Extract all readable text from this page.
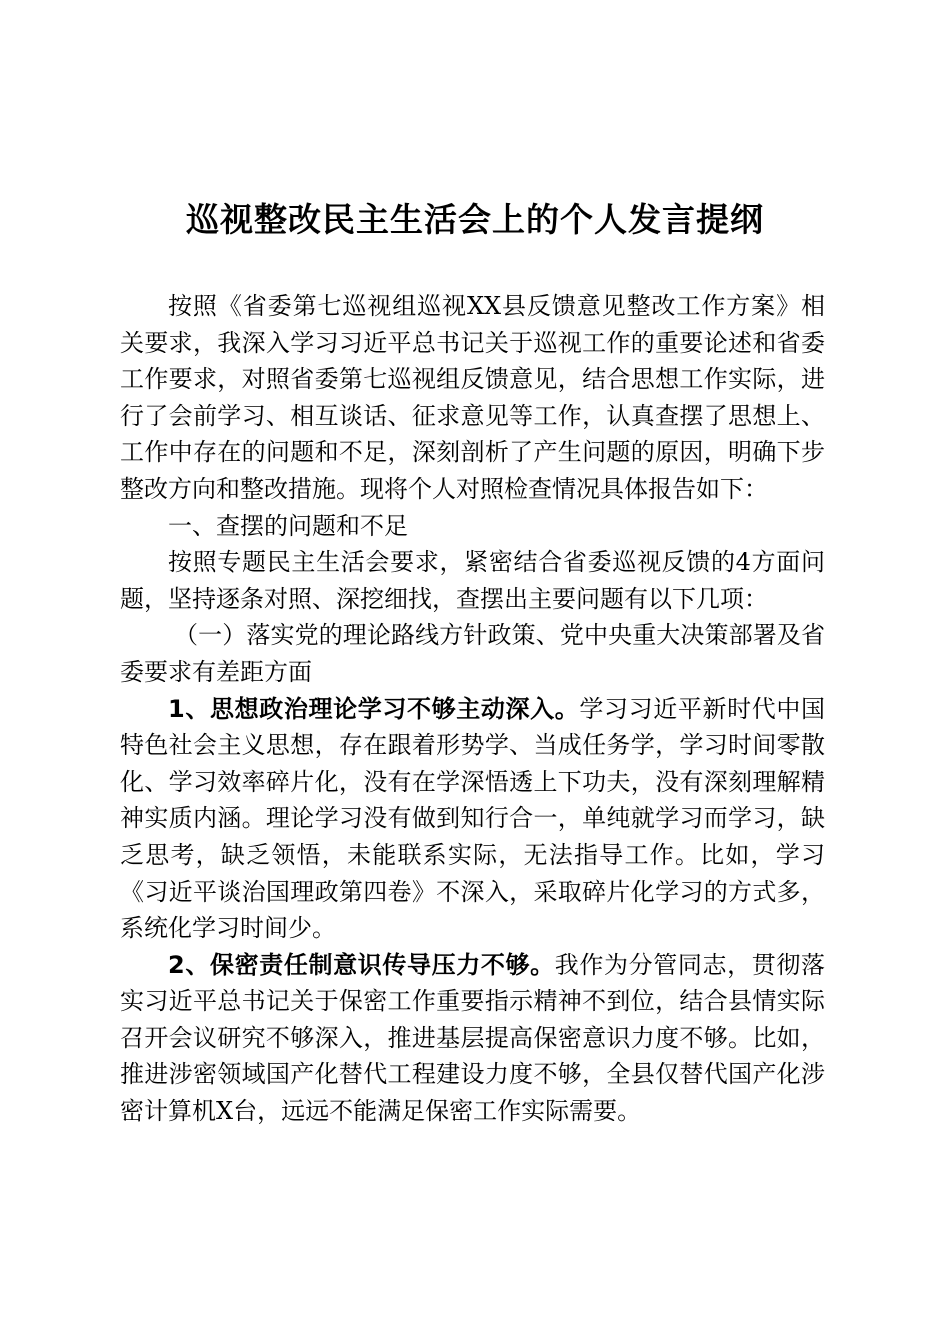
巡视整改民主生活会上的个人发言提纲

按照《省委第七巡视组巡视XX县反馈意见整改工作方案》相关要求，我深入学习习近平总书记关于巡视工作的重要论述和省委工作要求，对照省委第七巡视组反馈意见，结合思想工作实际，进行了会前学习、相互谈话、征求意见等工作，认真查摆了思想上、工作中存在的问题和不足，深刻剖析了产生问题的原因，明确下步整改方向和整改措施。现将个人对照检查情况具体报告如下：

一、查摆的问题和不足

按照专题民主生活会要求，紧密结合省委巡视反馈的4方面问题，坚持逐条对照、深挖细找，查摆出主要问题有以下几项：

（一）落实党的理论路线方针政策、党中央重大决策部署及省委要求有差距方面

1、思想政治理论学习不够主动深入。学习习近平新时代中国特色社会主义思想，存在跟着形势学、当成任务学，学习时间零散化、学习效率碎片化，没有在学深悟透上下功夫，没有深刻理解精神实质内涵。理论学习没有做到知行合一，单纯就学习而学习，缺乏思考，缺乏领悟，未能联系实际，无法指导工作。比如，学习《习近平谈治国理政第四卷》不深入，采取碎片化学习的方式多，系统化学习时间少。

2、保密责任制意识传导压力不够。我作为分管同志，贯彻落实习近平总书记关于保密工作重要指示精神不到位，结合县情实际召开会议研究不够深入，推进基层提高保密意识力度不够。比如，推进涉密领域国产化替代工程建设力度不够，全县仅替代国产化涉密计算机X台，远远不能满足保密工作实际需要。
